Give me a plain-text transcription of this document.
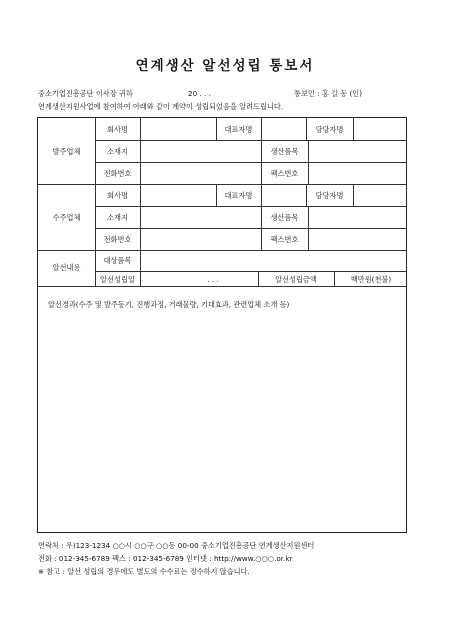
연계생산 알선성립 통보서
중소기업진흥공단 이사장 귀하	20 . . .	통보인 : 홍 길 동 (인)
연계생산지원사업에 참여하여 아래와 같이 계약이 성립되었음을 알려드립니다.
발주업체
회사명	대표자명	담당자명
소재지	생산품목
전화번호	팩스번호
수주업체
회사명	대표자명	담당자명
소재지	생산품목
전화번호	팩스번호
알선내용
대상품목
알선성립일	. . .	알선성립금액	백만원(천불)
알선경과(수주 및 발주동기, 진행과정, 거래물량, 기대효과, 관련업체 소개 등)
연락처 : 우)123-1234 ○○시 ○○구 ○○동 00-00 중소기업진흥공단 연계생산지원센터
전화 : 012-345-6789 팩스 : 012-345-6789 인터넷 : http://www.○○○.or.kr
※ 참고 : 알선 성립의 경우에도 별도의 수수료는 징수하지 않습니다.
